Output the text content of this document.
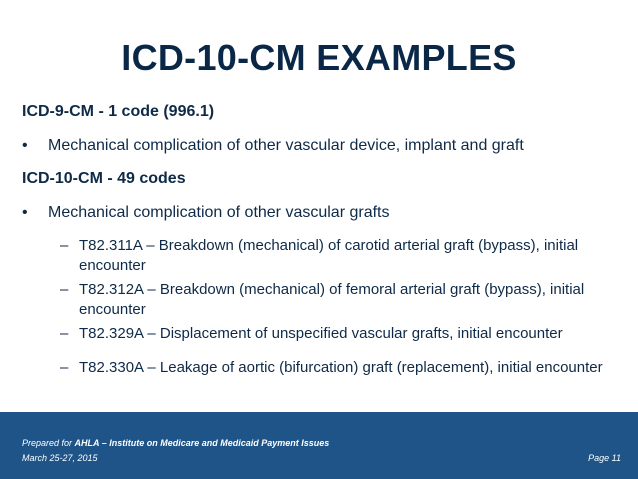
ICD-10-CM EXAMPLES
ICD-9-CM - 1 code (996.1)
•	Mechanical complication of other vascular device, implant and graft
ICD-10-CM - 49 codes
•	Mechanical complication of other vascular grafts
– T82.311A – Breakdown (mechanical) of carotid arterial graft (bypass), initial encounter
– T82.312A – Breakdown (mechanical) of femoral arterial graft (bypass), initial encounter
– T82.329A – Displacement of unspecified vascular grafts, initial encounter
– T82.330A – Leakage of aortic (bifurcation) graft (replacement), initial encounter
Prepared for AHLA – Institute on Medicare and Medicaid Payment Issues
March 25-27, 2015	Page 11
